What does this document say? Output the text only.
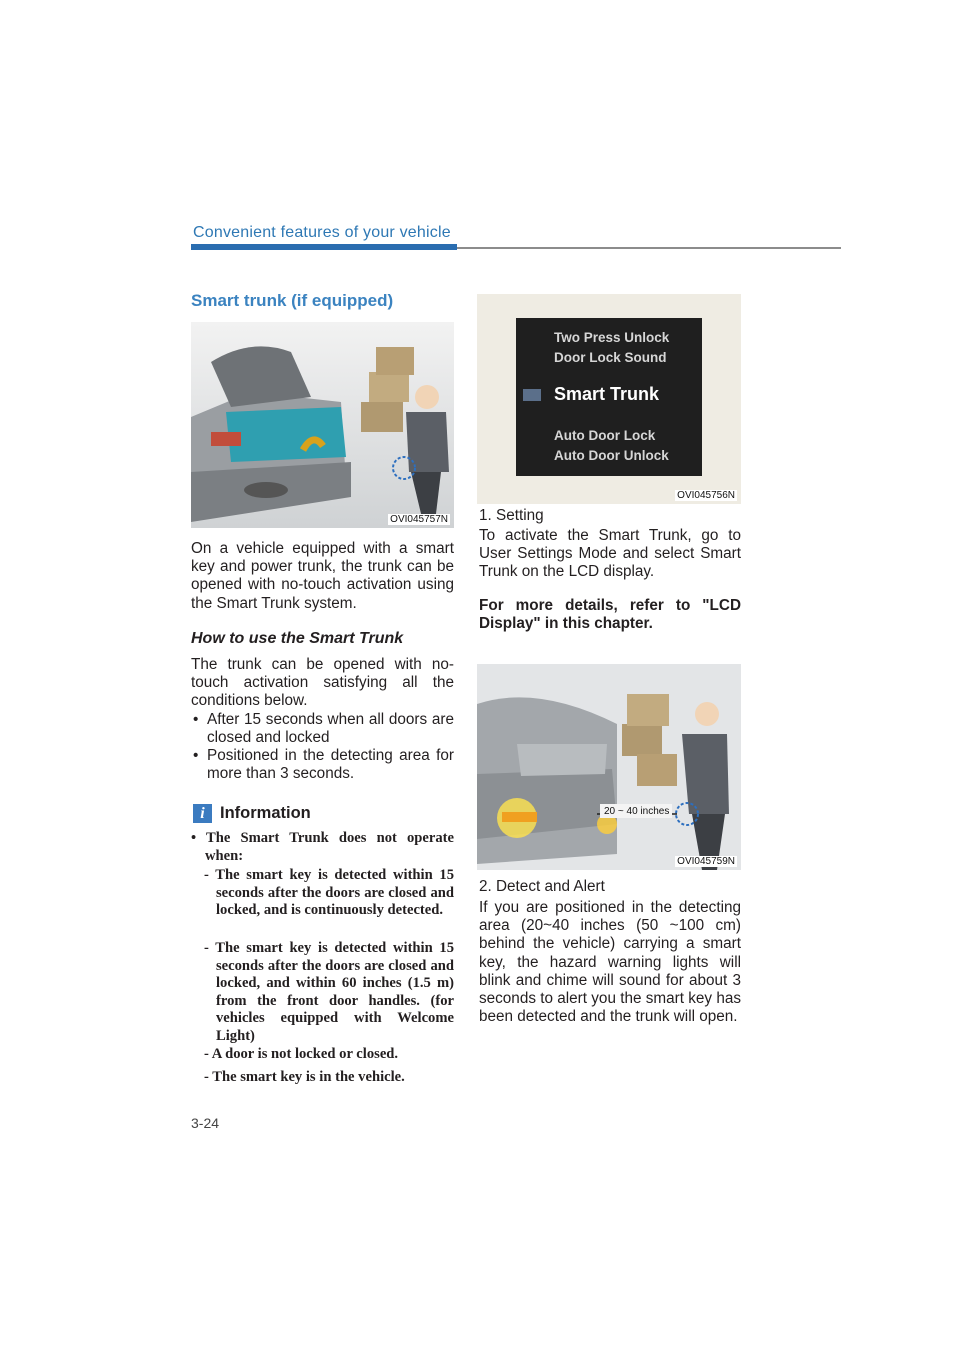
Convenient features of your vehicle
Smart trunk (if equipped)
OVI045757N
On a vehicle equipped with a smart key and power trunk, the trunk can be opened with no-touch activation using the Smart Trunk system.
How to use the Smart Trunk
The trunk can be opened with no-touch activation satisfying all the conditions below.
• After 15 seconds when all doors are closed and locked
• Positioned in the detecting area for more than 3 seconds.
i Information
• The Smart Trunk does not operate when:
- The smart key is detected within 15 seconds after the doors are closed and locked, and is continuously detected.
- The smart key is detected within 15 seconds after the doors are closed and locked, and within 60 inches (1.5 m) from the front door handles. (for vehicles equipped with Welcome Light)
- A door is not locked or closed.
- The smart key is in the vehicle.
Two Press Unlock
Door Lock Sound
Smart Trunk
Auto Door Lock
Auto Door Unlock
OVI045756N
1. Setting
To activate the Smart Trunk, go to User Settings Mode and select Smart Trunk on the LCD display.
For more details, refer to "LCD Display" in this chapter.
20 ~ 40 inches
OVI045759N
2. Detect and Alert
If you are positioned in the detecting area (20~40 inches (50 ~100 cm) behind the vehicle) carrying a smart key, the hazard warning lights will blink and chime will sound for about 3 seconds to alert you the smart key has been detected and the trunk will open.
3-24
